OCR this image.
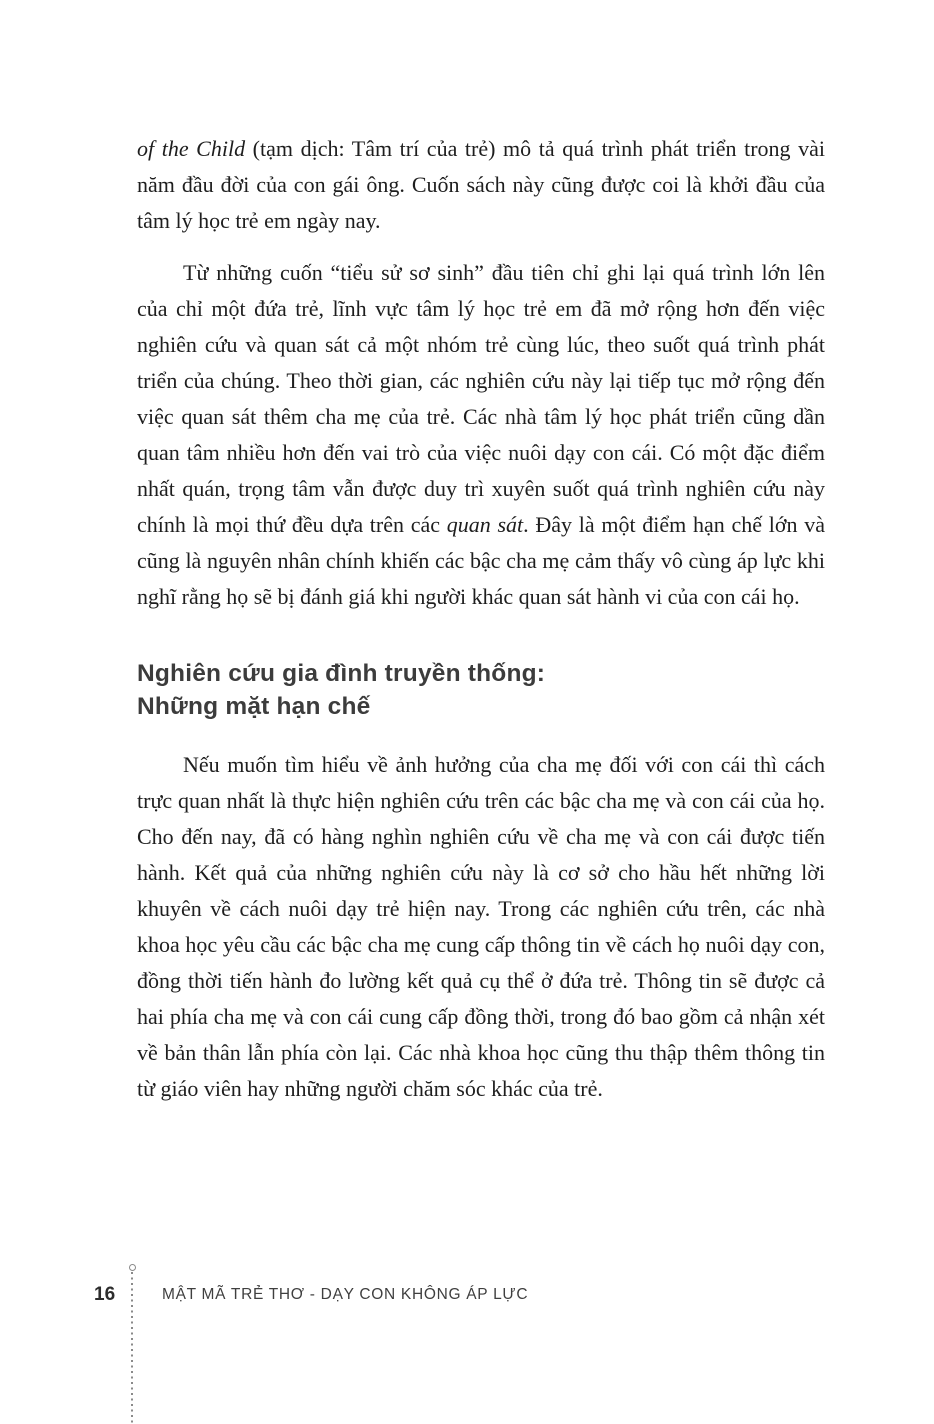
of the Child (tạm dịch: Tâm trí của trẻ) mô tả quá trình phát triển trong vài năm đầu đời của con gái ông. Cuốn sách này cũng được coi là khởi đầu của tâm lý học trẻ em ngày nay.

Từ những cuốn “tiểu sử sơ sinh” đầu tiên chỉ ghi lại quá trình lớn lên của chỉ một đứa trẻ, lĩnh vực tâm lý học trẻ em đã mở rộng hơn đến việc nghiên cứu và quan sát cả một nhóm trẻ cùng lúc, theo suốt quá trình phát triển của chúng. Theo thời gian, các nghiên cứu này lại tiếp tục mở rộng đến việc quan sát thêm cha mẹ của trẻ. Các nhà tâm lý học phát triển cũng dần quan tâm nhiều hơn đến vai trò của việc nuôi dạy con cái. Có một đặc điểm nhất quán, trọng tâm vẫn được duy trì xuyên suốt quá trình nghiên cứu này chính là mọi thứ đều dựa trên các quan sát. Đây là một điểm hạn chế lớn và cũng là nguyên nhân chính khiến các bậc cha mẹ cảm thấy vô cùng áp lực khi nghĩ rằng họ sẽ bị đánh giá khi người khác quan sát hành vi của con cái họ.

Nghiên cứu gia đình truyền thống:
Những mặt hạn chế

Nếu muốn tìm hiểu về ảnh hưởng của cha mẹ đối với con cái thì cách trực quan nhất là thực hiện nghiên cứu trên các bậc cha mẹ và con cái của họ. Cho đến nay, đã có hàng nghìn nghiên cứu về cha mẹ và con cái được tiến hành. Kết quả của những nghiên cứu này là cơ sở cho hầu hết những lời khuyên về cách nuôi dạy trẻ hiện nay. Trong các nghiên cứu trên, các nhà khoa học yêu cầu các bậc cha mẹ cung cấp thông tin về cách họ nuôi dạy con, đồng thời tiến hành đo lường kết quả cụ thể ở đứa trẻ. Thông tin sẽ được cả hai phía cha mẹ và con cái cung cấp đồng thời, trong đó bao gồm cả nhận xét về bản thân lẫn phía còn lại. Các nhà khoa học cũng thu thập thêm thông tin từ giáo viên hay những người chăm sóc khác của trẻ.

16	MẬT MÃ TRẺ THƠ - DẠY CON KHÔNG ÁP LỰC
